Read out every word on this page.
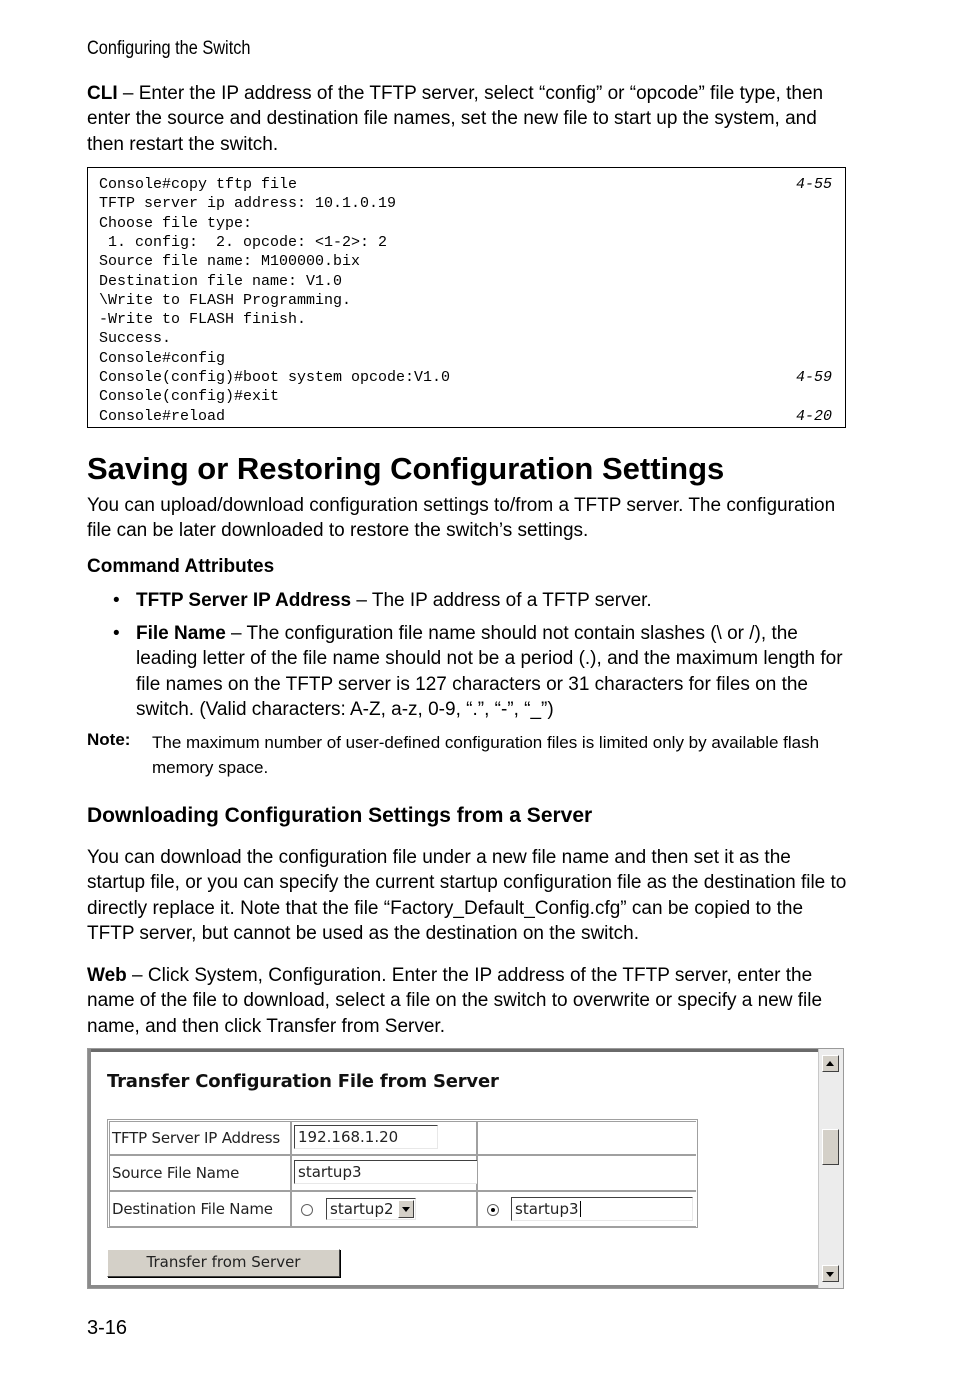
Configuring the Switch
CLI – Enter the IP address of the TFTP server, select “config” or “opcode” file type, then enter the source and destination file names, set the new file to start up the system, and then restart the switch.
Console#copy tftp file	4-55
TFTP server ip address: 10.1.0.19
Choose file type:
1. config:  2. opcode: <1-2>: 2
Source file name: M100000.bix
Destination file name: V1.0
\Write to FLASH Programming.
-Write to FLASH finish.
Success.
Console#config
Console(config)#boot system opcode:V1.0	4-59
Console(config)#exit
Console#reload	4-20
Saving or Restoring Configuration Settings
You can upload/download configuration settings to/from a TFTP server. The configuration file can be later downloaded to restore the switch’s settings.
Command Attributes
• TFTP Server IP Address – The IP address of a TFTP server.
• File Name – The configuration file name should not contain slashes (\ or /), the leading letter of the file name should not be a period (.), and the maximum length for file names on the TFTP server is 127 characters or 31 characters for files on the switch. (Valid characters: A-Z, a-z, 0-9, “.”, “-”, “_”)
Note: The maximum number of user-defined configuration files is limited only by available flash memory space.
Downloading Configuration Settings from a Server
You can download the configuration file under a new file name and then set it as the startup file, or you can specify the current startup configuration file as the destination file to directly replace it. Note that the file “Factory_Default_Config.cfg” can be copied to the TFTP server, but cannot be used as the destination on the switch.
Web – Click System, Configuration. Enter the IP address of the TFTP server, enter the name of the file to download, select a file on the switch to overwrite or specify a new file name, and then click Transfer from Server.
Transfer Configuration File from Server
TFTP Server IP Address	192.168.1.20
Source File Name	startup3
Destination File Name	startup2	startup3
Transfer from Server
3-16
